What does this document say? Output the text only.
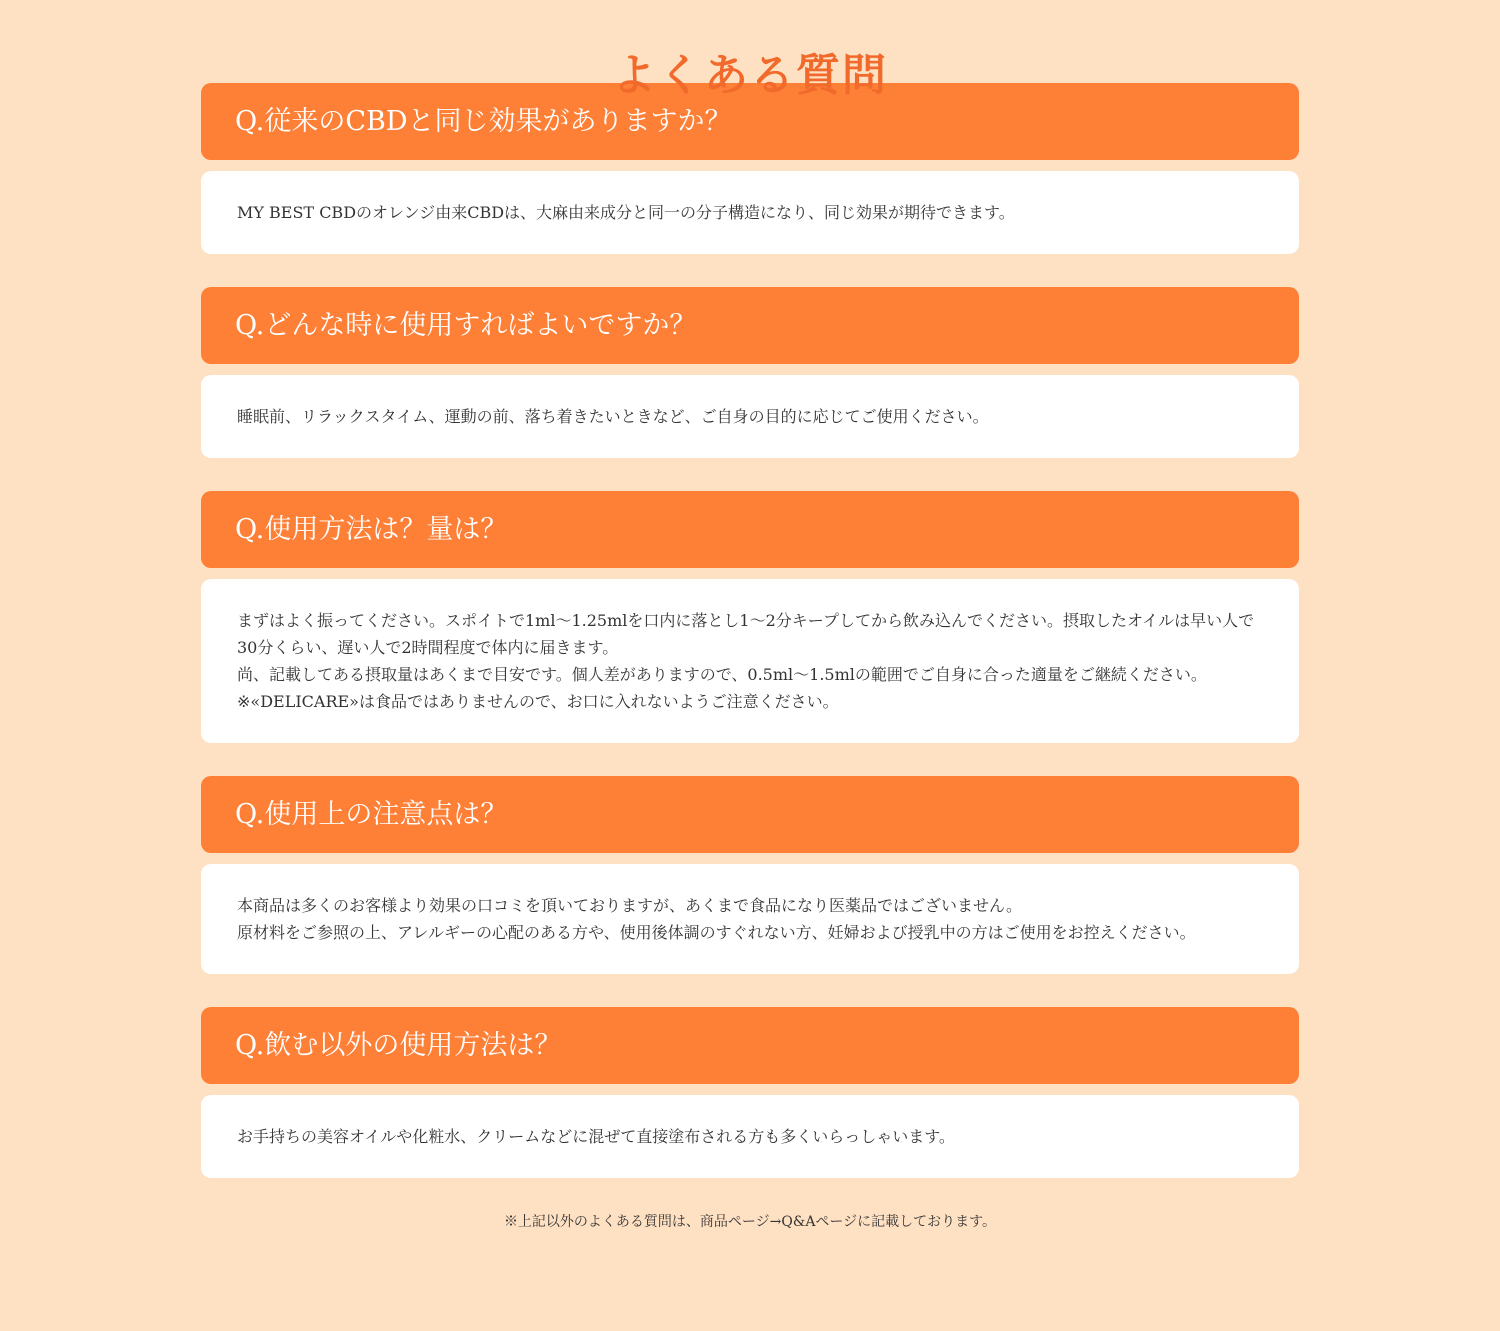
よくある質問
Q.従来のCBDと同じ効果がありますか？

MY BEST CBDのオレンジ由来CBDは、大麻由来成分と同一の分子構造になり、同じ効果が期待できます。

Q.どんな時に使用すればよいですか？

睡眠前、リラックスタイム、運動の前、落ち着きたいときなど、ご自身の目的に応じてご使用ください。

Q.使用方法は？量は？

まずはよく振ってください。スポイトで1ml～1.25mlを口内に落とし1～2分キープしてから飲み込んでください。摂取したオイルは早い人で30分くらい、遅い人で2時間程度で体内に届きます。

尚、記載してある摂取量はあくまで目安です。個人差がありますので、0.5ml～1.5mlの範囲でご自身に合った適量をご継続ください。

※«DELICARE»は食品ではありませんので、お口に入れないようご注意ください。

Q.使用上の注意点は？

本商品は多くのお客様より効果の口コミを頂いておりますが、あくまで食品になり医薬品ではございません。

原材料をご参照の上、アレルギーの心配のある方や、使用後体調のすぐれない方、妊婦および授乳中の方はご使用をお控えください。

Q.飲む以外の使用方法は？

お手持ちの美容オイルや化粧水、クリームなどに混ぜて直接塗布される方も多くいらっしゃいます。

※上記以外のよくある質問は、商品ページ→Q&Aページに記載しております。
